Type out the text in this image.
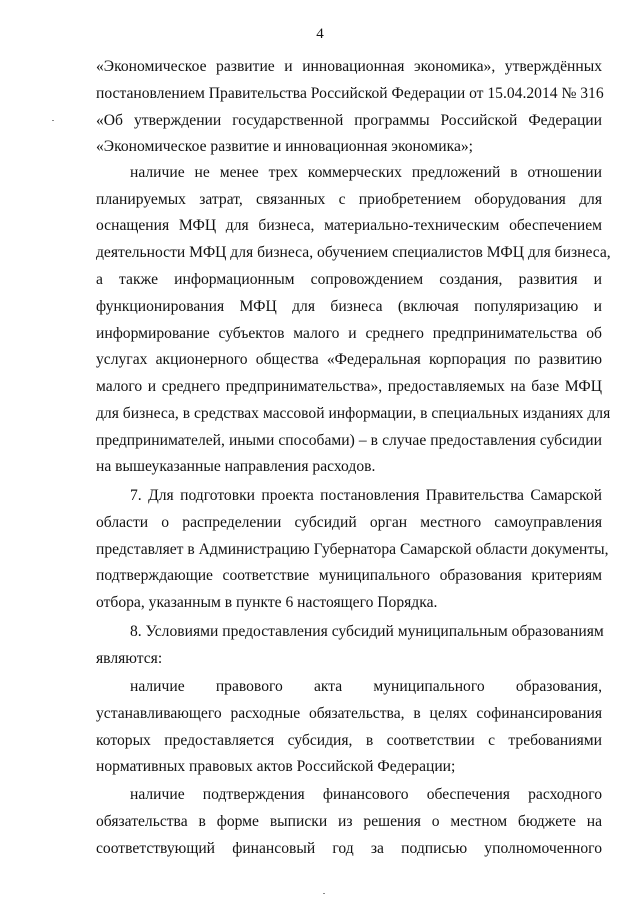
4
«Экономическое развитие и инновационная экономика», утверждённых
постановлением Правительства Российской Федерации от 15.04.2014 № 316
«Об утверждении государственной программы Российской Федерации
«Экономическое развитие и инновационная экономика»;
наличие не менее трех коммерческих предложений в отношении
планируемых затрат, связанных с приобретением оборудования для
оснащения МФЦ для бизнеса, материально-техническим обеспечением
деятельности МФЦ для бизнеса, обучением специалистов МФЦ для бизнеса,
а также информационным сопровождением создания, развития и
функционирования МФЦ для бизнеса (включая популяризацию и
информирование субъектов малого и среднего предпринимательства об
услугах акционерного общества «Федеральная корпорация по развитию
малого и среднего предпринимательства», предоставляемых на базе МФЦ
для бизнеса, в средствах массовой информации, в специальных изданиях для
предпринимателей, иными способами) – в случае предоставления субсидии
на вышеуказанные направления расходов.
7. Для подготовки проекта постановления Правительства Самарской
области о распределении субсидий орган местного самоуправления
представляет в Администрацию Губернатора Самарской области документы,
подтверждающие соответствие муниципального образования критериям
отбора, указанным в пункте 6 настоящего Порядка.
8. Условиями предоставления субсидий муниципальным образованиям
являются:
наличие правового акта муниципального образования,
устанавливающего расходные обязательства, в целях софинансирования
которых предоставляется субсидия, в соответствии с требованиями
нормативных правовых актов Российской Федерации;
наличие подтверждения финансового обеспечения расходного
обязательства в форме выписки из решения о местном бюджете на
соответствующий финансовый год за подписью уполномоченного
